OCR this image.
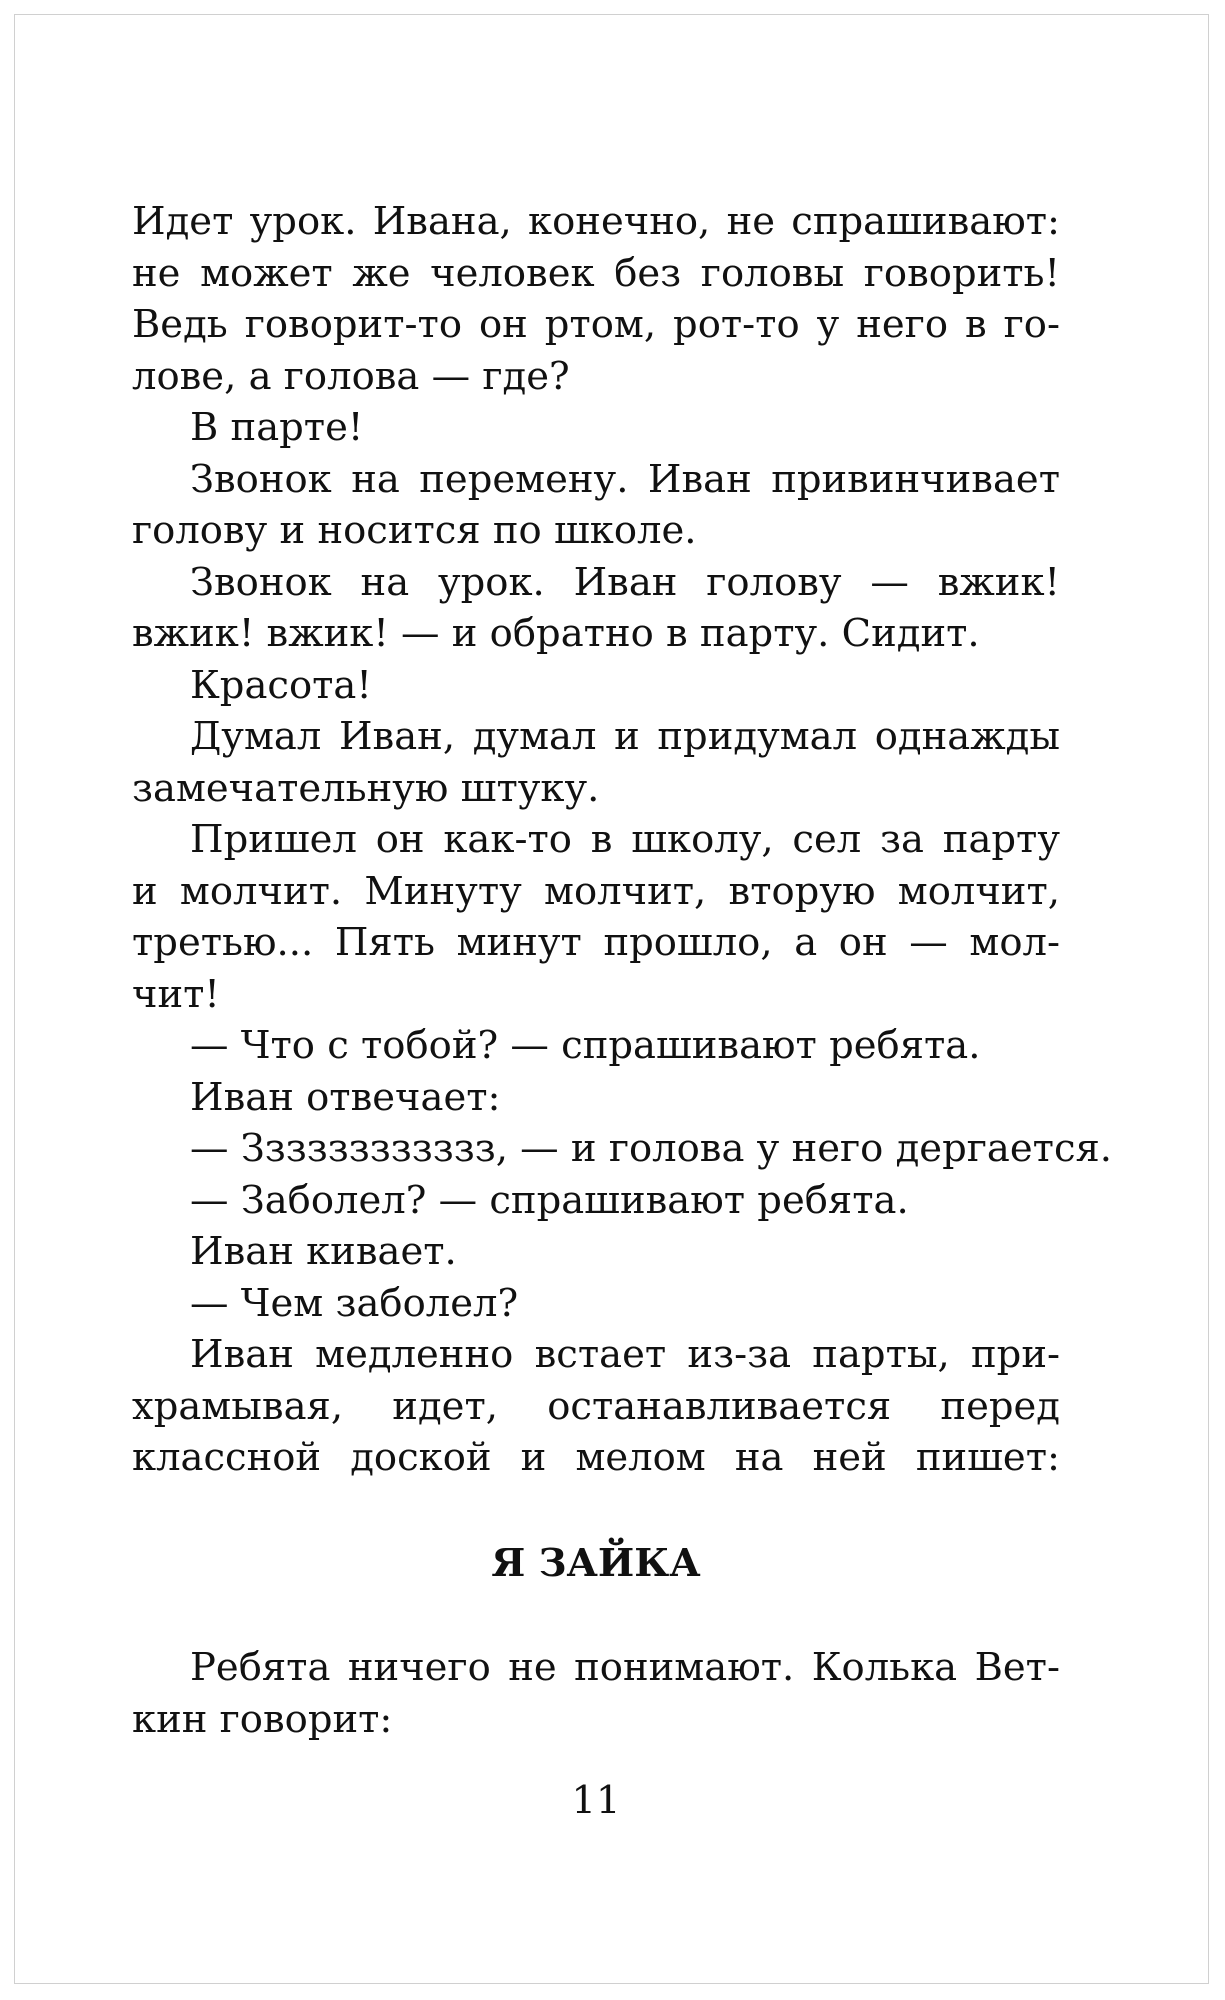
Идет урок. Ивана, конечно, не спрашивают:
не может же человек без головы говорить!
Ведь говорит-то он ртом, рот-то у него в го-
лове, а голова — где?
В парте!
Звонок на перемену. Иван привинчивает
голову и носится по школе.
Звонок на урок. Иван голову — вжик!
вжик! вжик! — и обратно в парту. Сидит.
Красота!
Думал Иван, думал и придумал однажды
замечательную штуку.
Пришел он как-то в школу, сел за парту
и молчит. Минуту молчит, вторую молчит,
третью... Пять минут прошло, а он — мол-
чит!
— Что с тобой? — спрашивают ребята.
Иван отвечает:
— Зззззззззззз, — и голова у него дергается.
— Заболел? — спрашивают ребята.
Иван кивает.
— Чем заболел?
Иван медленно встает из-за парты, при-
храмывая, идет, останавливается перед
классной доской и мелом на ней пишет:
Я ЗАЙКА
Ребята ничего не понимают. Колька Вет-
кин говорит:
11
